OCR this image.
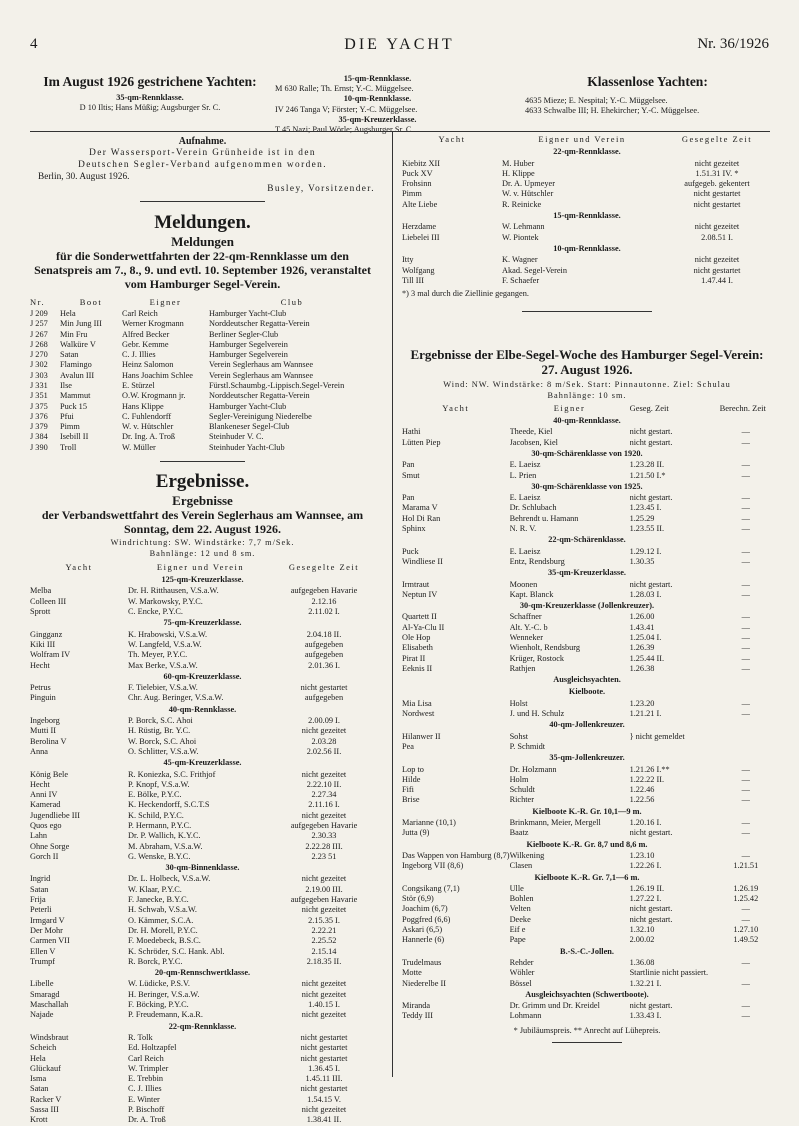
4	DIE YACHT	Nr. 36/1926
Im August 1926 gestrichene Yachten:
35-qm-Rennklasse.
D 10 Iltis; Hans Müßig; Augsburger Sr. C.
15-qm-Rennklasse.
M 630 Ralle; Th. Ernst; Y.-C. Müggelsee.
10-qm-Rennklasse.
IV 246 Tanga V; Förster; Y.-C. Müggelsee.
35-qm-Kreuzerklasse.
T 45 Nazi; Paul Wörle; Augsburger Sr. C.
Klassenlose Yachten:
4635 Mieze; E. Nespital; Y.-C. Müggelsee.
4633 Schwalbe III; H. Ehekircher; Y.-C. Müggelsee.
Aufnahme.
Der Wassersport-Verein Grünheide ist in den
Deutschen Segler-Verband aufgenommen worden.
Berlin, 30. August 1926.
Busley, Vorsitzender.
Meldungen.
Meldungen
für die Sonderwettfahrten der 22-qm-Rennklasse um den Senatspreis am 7., 8., 9. und evtl. 10. September 1926, veranstaltet vom Hamburger Segel-Verein.
Nr.	Boot	Eigner	Club
J 209	Hela	Carl Reich	Hamburger Yacht-Club
J 257	Min Jung III	Werner Krogmann	Norddeutscher Regatta-Verein
J 267	Min Fru	Alfred Becker	Berliner Segler-Club
J 268	Walküre V	Gebr. Kemme	Hamburger Segelverein
J 270	Satan	C. J. Illies	Hamburger Segelverein
J 302	Flamingo	Heinz Salomon	Verein Seglerhaus am Wannsee
J 303	Avalun III	Hans Joachim Schlee	Verein Seglerhaus am Wannsee
J 331	Ilse	E. Stürzel	Fürstl.Schaumbg.-Lippisch.Segel-Verein
J 351	Mammut	O.W. Krogmann jr.	Norddeutscher Regatta-Verein
J 375	Puck 15	Hans Klippe	Hamburger Yacht-Club
J 376	Pfui	C. Fuhlendorff	Segler-Vereinigung Niederelbe
J 379	Pimm	W. v. Hütschler	Blankeneser Segel-Club
J 384	Isebill II	Dr. Ing. A. Troß	Steinhuder V. C.
J 390	Troll	W. Müller	Steinhuder Yacht-Club
Ergebnisse.
Ergebnisse
der Verbandswettfahrt des Verein Seglerhaus am Wannsee, am Sonntag, dem 22. August 1926.
Windrichtung: SW. Windstärke: 7,7 m/Sek.
Bahnlänge: 12 und 8 sm.
Yacht	Eigner und Verein	Gesegelte Zeit
125-qm-Kreuzerklasse.		
Melba	Dr. H. Ritthausen, V.S.a.W.	aufgegeben Havarie
Colleen III	W. Markowsky, P.Y.C.	2.12.16
Sprott	C. Encke, P.Y.C.	2.11.02 I.
75-qm-Kreuzerklasse.		
Gingganz	K. Hrabowski, V.S.a.W.	2.04.18 II.
Kiki III	W. Langfeld, V.S.a.W.	aufgegeben
Wolfram IV	Th. Meyer, P.Y.C.	aufgegeben
Hecht	Max Berke, V.S.a.W.	2.01.36 I.
60-qm-Kreuzerklasse.		
Petrus	F. Tielebier, V.S.a.W.	nicht gestartet
Pinguin	Chr. Aug. Beringer, V.S.a.W.	aufgegeben
40-qm-Rennklasse.		
Ingeborg	P. Borck, S.C. Ahoi	2.00.09 I.
Mutti II	H. Rüstig, Br. Y.C.	nicht gezeitet
Berolina V	W. Borck, S.C. Ahoi	2.03.28
Anna	O. Schlitter, V.S.a.W.	2.02.56 II.
45-qm-Kreuzerklasse.		
König Bele	R. Koniezka, S.C. Frithjof	nicht gezeitet
Hecht	P. Knopf, V.S.a.W.	2.22.10 II.
Anni IV	E. Bölke, P.Y.C.	2.27.34
Kamerad	K. Heckendorff, S.C.T.S	2.11.16 I.
Jugendliebe III	K. Schild, P.Y.C.	nicht gezeitet
Quos ego	P. Hermann, P.Y.C.	aufgegeben Havarie
Lahn	Dr. P. Wallich, K.Y.C.	2.30.33
Ohne Sorge	M. Abraham, V.S.a.W.	2.22.28 III.
Gorch II	G. Wenske, B.Y.C.	2.23 51
30-qm-Binnenklasse.		
Ingrid	Dr. L. Holbeck, V.S.a.W.	nicht gezeitet
Satan	W. Klaar, P.Y.C.	2.19.00 III.
Frija	F. Janecke, B.Y.C.	aufgegeben Havarie
Peterli	H. Schwab, V.S.a.W.	nicht gezeitet
Irmgard V	O. Kämmer, S.C.A.	2.15.35 I.
Der Mohr	Dr. H. Morell, P.Y.C.	2.22.21
Carmen VII	F. Moedebeck, B.S.C.	2.25.52
Ellen V	K. Schröder, S.C. Hank. Abl.	2.15.14
Trumpf	R. Borck, P.Y.C.	2.18.35 II.
20-qm-Rennschwertklasse.		
Libelle	W. Lüdicke, P.S.V.	nicht gezeitet
Smaragd	H. Beringer, V.S.a.W.	nicht gezeitet
Maschallah	F. Böcking, P.Y.C.	1.40.15 I.
Najade	P. Freudemann, K.a.R.	nicht gezeitet
22-qm-Rennklasse.		
Windsbraut	R. Tolk	nicht gestartet
Scheich	Ed. Holtzapfel	nicht gestartet
Hela	Carl Reich	nicht gestartet
Glückauf	W. Trimpler	1.36.45 I.
Isma	E. Trebbin	1.45.11 III.
Satan	C. J. Illies	nicht gestartet
Racker V	E. Winter	1.54.15 V.
Sassa III	P. Bischoff	nicht gezeitet
Krott	Dr. A. Troß	1.38.41 II.
Yacht	Eigner und Verein	Gesegelte Zeit
22-qm-Rennklasse.		
Kiebitz XII	M. Huber	nicht gezeitet
Puck XV	H. Klippe	1.51.31 IV. *
Frohsinn	Dr. A. Upmeyer	aufgegeb. gekentert
Pimm	W. v. Hütschler	nicht gestartet
Alte Liebe	R. Reinicke	nicht gestartet
15-qm-Rennklasse.		
Herzdame	W. Lehmann	nicht gezeitet
Liebelei III	W. Piontek	2.08.51 I.
10-qm-Rennklasse.		
Itty	K. Wagner	nicht gezeitet
Wolfgang	Akad. Segel-Verein	nicht gestartet
Till III	F. Schaefer	1.47.44 I.
*) 3 mal durch die Ziellinie gegangen.
Ergebnisse der Elbe-Segel-Woche des Hamburger Segel-Verein: 27. August 1926.
Wind: NW. Windstärke: 8 m/Sek. Start: Pinnautonne. Ziel: Schulau
Bahnlänge: 10 sm.
Yacht	Eigner	Geseg. Zeit	Berechn. Zeit
40-qm-Rennklasse.			
Hathi	Theede, Kiel	nicht gestart.	—
Lütten Piep	Jacobsen, Kiel	nicht gestart.	—
30-qm-Schärenklasse von 1920.			
Pan	E. Laeisz	1.23.28 II.	—
Smut	L. Prien	1.21.50 I.*	—
30-qm-Schärenklasse von 1925.			
Pan	E. Laeisz	nicht gestart.	—
Marama V	Dr. Schlubach	1.23.45 I.	—
Hol Di Ran	Behrendt u. Hamann	1.25.29	—
Sphinx	N. R. V.	1.23.55 II.	—
22-qm-Schärenklasse.			
Puck	E. Laeisz	1.29.12 I.	—
Windliese II	Entz, Rendsburg	1.30.35	—
35-qm-Kreuzerklasse.			
Irmtraut	Moonen	nicht gestart.	—
Neptun IV	Kapt. Blanck	1.28.03 I.	—
30-qm-Kreuzerklasse (Jollenkreuzer).			
Quartett II	Schaffner	1.26.00	—
Al-Ya-Clu II	Alt. Y.-C. b	1.43.41	—
Ole Hop	Wenneker	1.25.04 I.	—
Elisabeth	Wienholt, Rendsburg	1.26.39	—
Pirat II	Krüger, Rostock	1.25.44 II.	—
Eeknis II	Rathjen	1.26.38	—
Ausgleichsyachten.			
Kielboote.			
Mia Lisa	Holst	1.23.20	—
Nordwest	J. und H. Schulz	1.21.21 I.	—
40-qm-Jollenkreuzer.			
Hilanwer II	Sohst	} nicht gemeldet	
Pea	P. Schmidt		
35-qm-Jollenkreuzer.			
Lop to	Dr. Holzmann	1.21.26 I.**	—
Hilde	Holm	1.22.22 II.	—
Fifi	Schuldt	1.22.46	—
Brise	Richter	1.22.56	—
Kielboote K.-R. Gr. 10,1—9 m.			
Marianne (10,1)	Brinkmann, Meier, Mergell	1.20.16 I.	—
Jutta (9)	Baatz	nicht gestart.	—
Kielboote K.-R. Gr. 8,7 und 8,6 m.			
Das Wappen von Hamburg (8,7)	Wilkening	1.23.10	—
Ingeborg VII (8,6)	Clasen	1.22.26 I.	1.21.51
Kielboote K.-R. Gr. 7,1—6 m.			
Congsikang (7,1)	Ulle	1.26.19 II.	1.26.19
Stör (6,9)	Bohlen	1.27.22 I.	1.25.42
Joachim (6,7)	Velten	nicht gestart.	—
Poggfred (6,6)	Deeke	nicht gestart.	—
Askari (6,5)	Eif e	1.32.10	1.27.10
Hannerle (6)	Pape	2.00.02	1.49.52
B.-S.-C.-Jollen.			
Trudelmaus	Rehder	1.36.08	—
Motte	Wöhler	Startlinie nicht passiert.	
Niederelbe II	Bössel	1.32.21 I.	—
Ausgleichsyachten (Schwertboote).			
Miranda	Dr. Grimm und Dr. Kreidel	nicht gestart.	—
Teddy III	Lohmann	1.33.43 I.	—
* Jubiläumspreis. ** Anrecht auf Lühepreis.
